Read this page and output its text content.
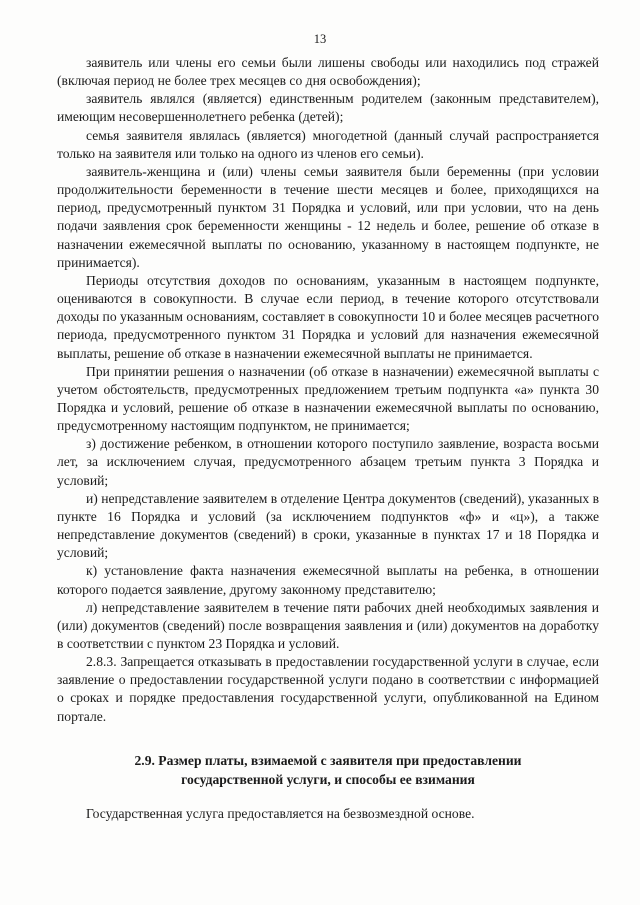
13

заявитель или члены его семьи были лишены свободы или находились под стражей (включая период не более трех месяцев со дня освобождения);

заявитель являлся (является) единственным родителем (законным представителем), имеющим несовершеннолетнего ребенка (детей);

семья заявителя являлась (является) многодетной (данный случай распространяется только на заявителя или только на одного из членов его семьи).

заявитель-женщина и (или) члены семьи заявителя были беременны (при условии продолжительности беременности в течение шести месяцев и более, приходящихся на период, предусмотренный пунктом 31 Порядка и условий, или при условии, что на день подачи заявления срок беременности женщины - 12 недель и более, решение об отказе в назначении ежемесячной выплаты по основанию, указанному в настоящем подпункте, не принимается).

Периоды отсутствия доходов по основаниям, указанным в настоящем подпункте, оцениваются в совокупности. В случае если период, в течение которого отсутствовали доходы по указанным основаниям, составляет в совокупности 10 и более месяцев расчетного периода, предусмотренного пунктом 31 Порядка и условий для назначения ежемесячной выплаты, решение об отказе в назначении ежемесячной выплаты не принимается.

При принятии решения о назначении (об отказе в назначении) ежемесячной выплаты с учетом обстоятельств, предусмотренных предложением третьим подпункта «а» пункта 30 Порядка и условий, решение об отказе в назначении ежемесячной выплаты по основанию, предусмотренному настоящим подпунктом, не принимается;

з) достижение ребенком, в отношении которого поступило заявление, возраста восьми лет, за исключением случая, предусмотренного абзацем третьим пункта 3 Порядка и условий;

и) непредставление заявителем в отделение Центра документов (сведений), указанных в пункте 16 Порядка и условий (за исключением подпунктов «ф» и «ц»), а также непредставление документов (сведений) в сроки, указанные в пунктах 17 и 18 Порядка и условий;

к) установление факта назначения ежемесячной выплаты на ребенка, в отношении которого подается заявление, другому законному представителю;

л) непредставление заявителем в течение пяти рабочих дней необходимых заявления и (или) документов (сведений) после возвращения заявления и (или) документов на доработку в соответствии с пунктом 23 Порядка и условий.

2.8.3. Запрещается отказывать в предоставлении государственной услуги в случае, если заявление о предоставлении государственной услуги подано в соответствии с информацией о сроках и порядке предоставления государственной услуги, опубликованной на Едином портале.

2.9. Размер платы, взимаемой с заявителя при предоставлении
государственной услуги, и способы ее взимания
Государственная услуга предоставляется на безвозмездной основе.
